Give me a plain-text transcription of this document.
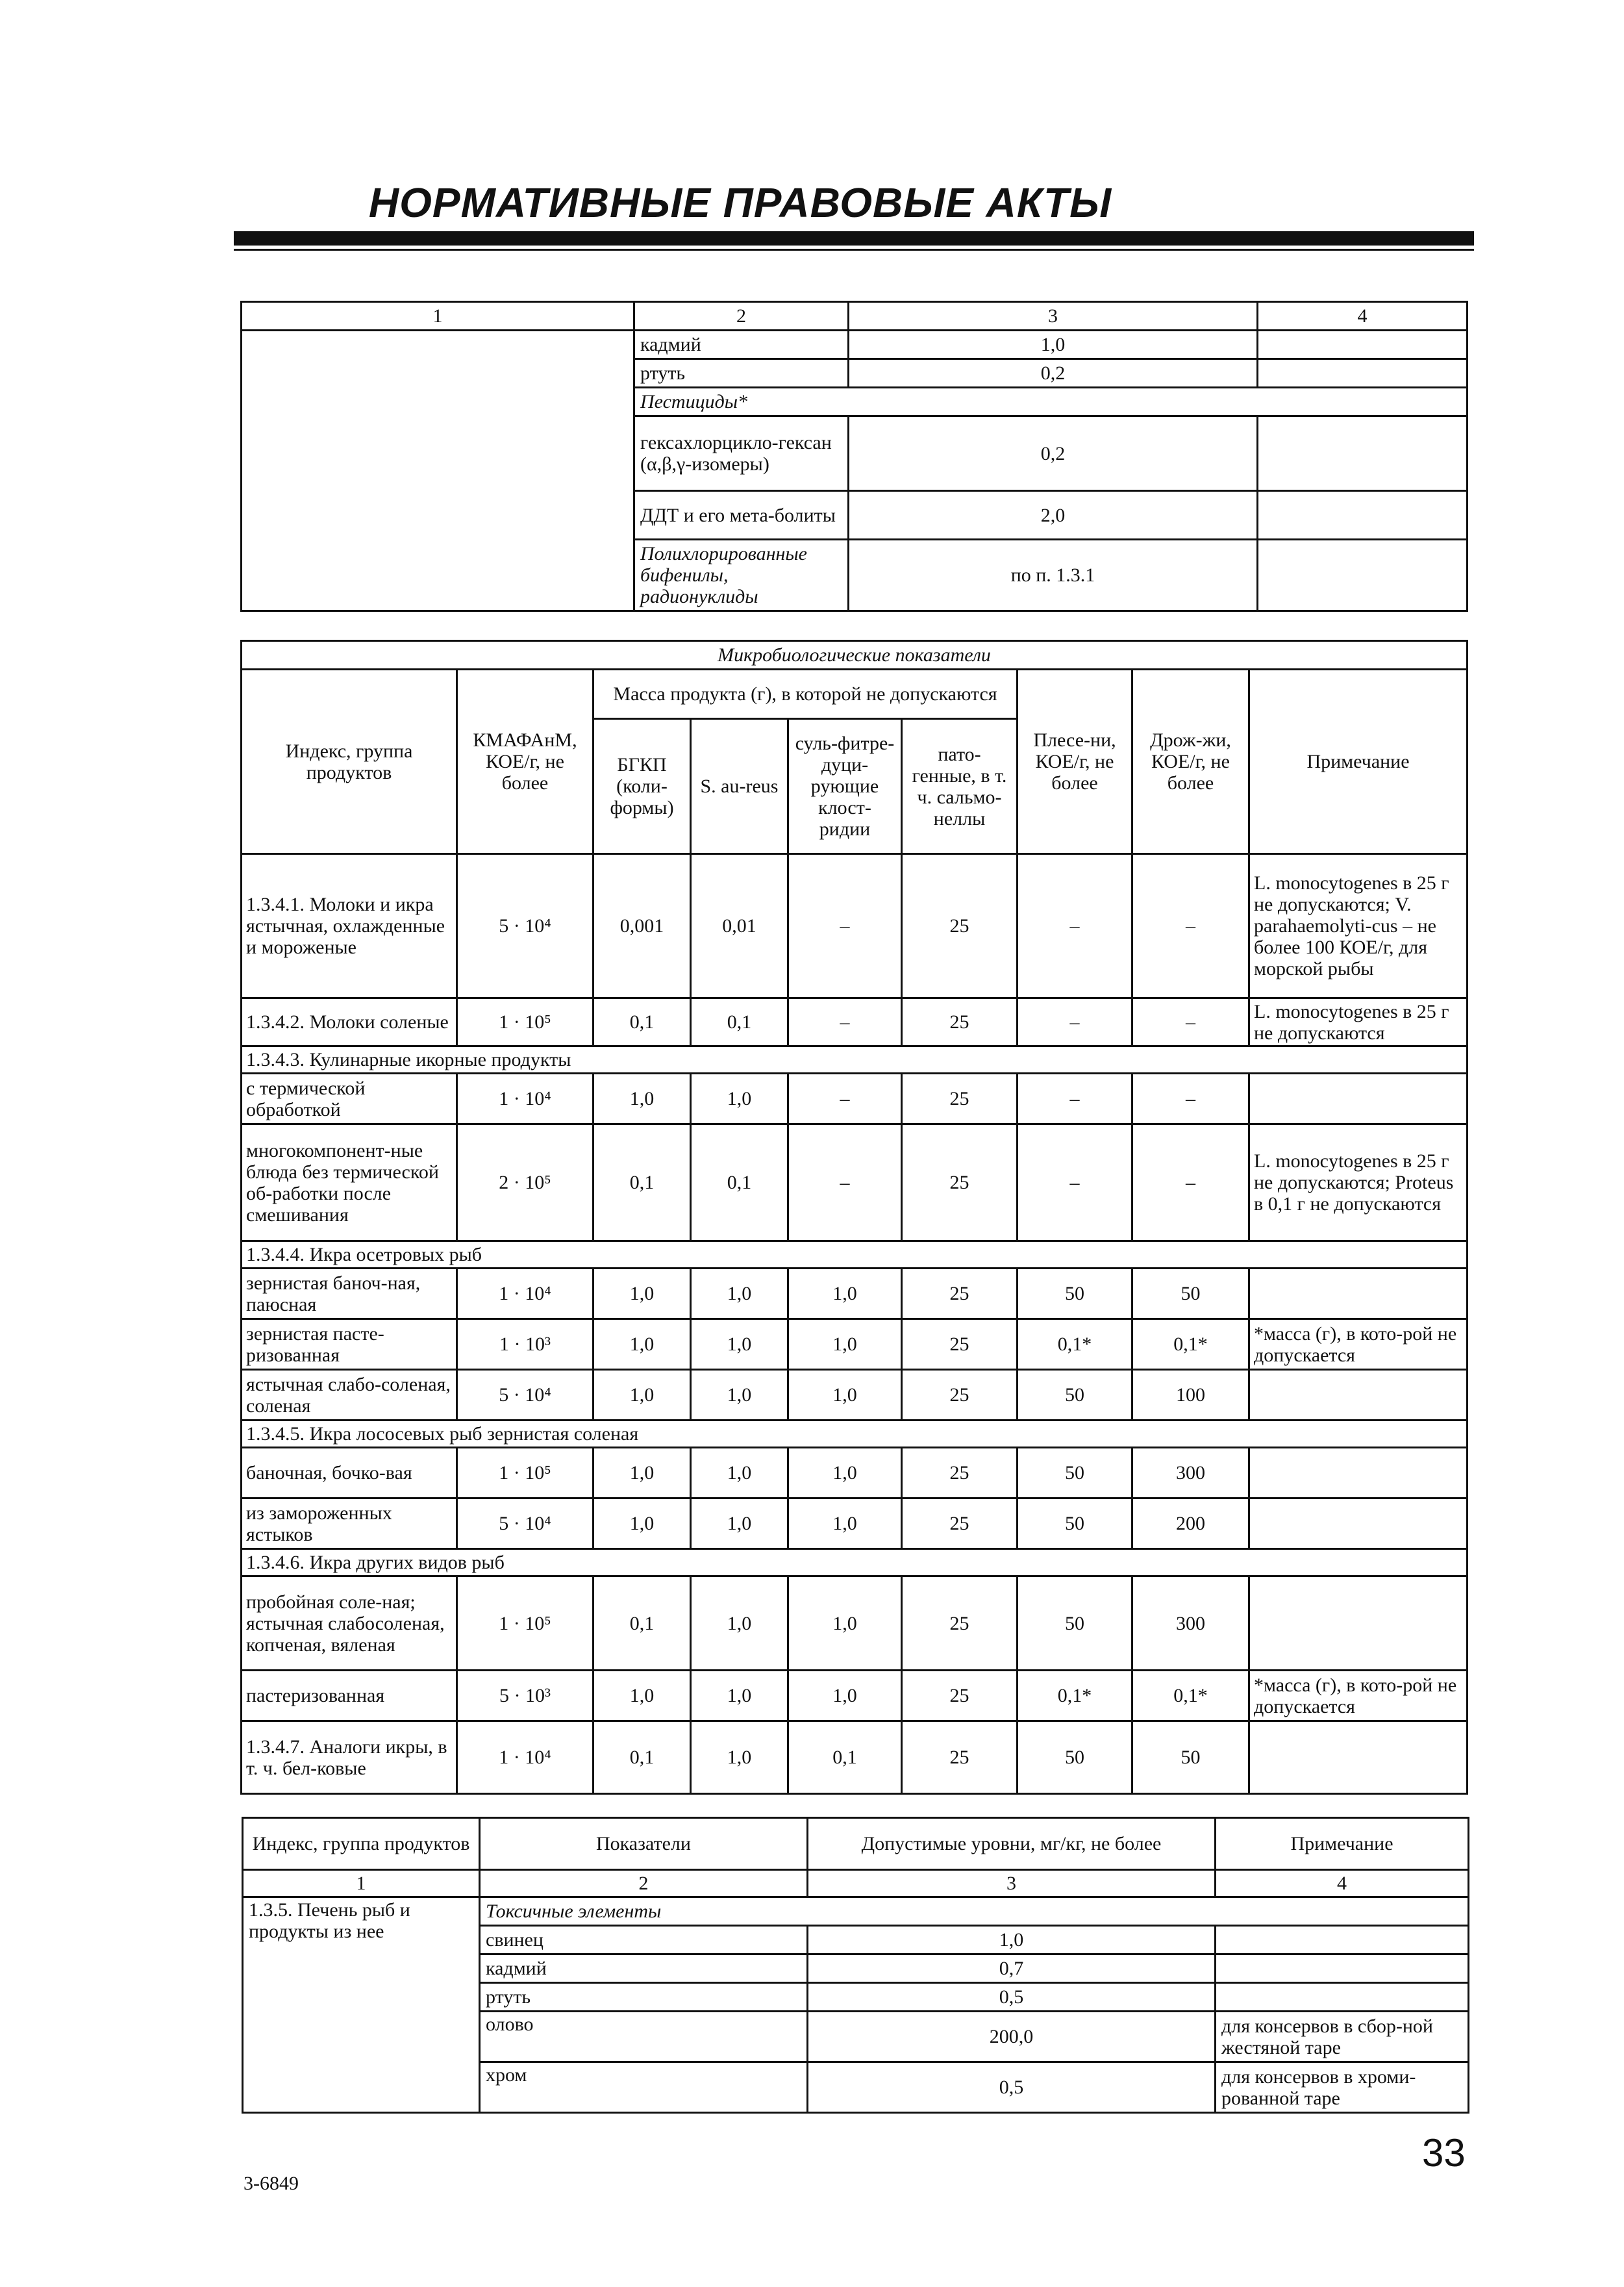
НОРМАТИВНЫЕ ПРАВОВЫЕ АКТЫ
1	2	3	4
	кадмий	1,0	
	ртуть	0,2	
	Пестициды*		
	гексахлорцикло-гексан (α,β,γ-изомеры)	0,2	
	ДДТ и его мета-болиты	2,0	
	Полихлорированные бифенилы, радионуклиды	по п. 1.3.1	
Микробиологические показатели								
Индекс, группа продуктов	КМАФАнМ, КОЕ/г, не более	Масса продукта (г), в которой не допускаются				Плесе-ни, КОЕ/г, не более	Дрож-жи, КОЕ/г, не более	Примечание
		БГКП (коли-формы)	S. au-reus	суль-фитре-дуци-рующие клост-ридии	пато-генные, в т. ч. сальмо-неллы			
1.3.4.1. Молоки и икра ястычная, охлажденные и мороженые	5 · 10⁴	0,001	0,01	–	25	–	–	L. monocytogenes в 25 г не допускаются; V. parahaemolyti-cus – не более 100 КОЕ/г, для морской рыбы
1.3.4.2. Молоки соленые	1 · 10⁵	0,1	0,1	–	25	–	–	L. monocytogenes в 25 г не допускаются
1.3.4.3. Кулинарные икорные продукты								
с термической обработкой	1 · 10⁴	1,0	1,0	–	25	–	–	
многокомпонент-ные блюда без термической об-работки после смешивания	2 · 10⁵	0,1	0,1	–	25	–	–	L. monocytogenes в 25 г не допускаются; Proteus в 0,1 г не допускаются
1.3.4.4. Икра осетровых рыб								
зернистая баноч-ная, паюсная	1 · 10⁴	1,0	1,0	1,0	25	50	50	
зернистая пасте-ризованная	1 · 10³	1,0	1,0	1,0	25	0,1*	0,1*	*масса (г), в кото-рой не допускается
ястычная слабо-соленая, соленая	5 · 10⁴	1,0	1,0	1,0	25	50	100	
1.3.4.5. Икра лососевых рыб зернистая соленая								
баночная, бочко-вая	1 · 10⁵	1,0	1,0	1,0	25	50	300	
из замороженных ястыков	5 · 10⁴	1,0	1,0	1,0	25	50	200	
1.3.4.6. Икра других видов рыб								
пробойная соле-ная; ястычная слабосоленая, копченая, вяленая	1 · 10⁵	0,1	1,0	1,0	25	50	300	
пастеризованная	5 · 10³	1,0	1,0	1,0	25	0,1*	0,1*	*масса (г), в кото-рой не допускается
1.3.4.7. Аналоги икры, в т. ч. бел-ковые	1 · 10⁴	0,1	1,0	0,1	25	50	50	
Индекс, группа продуктов	Показатели	Допустимые уровни, мг/кг, не более	Примечание
1	2	3	4
1.3.5. Печень рыб и продукты из нее	Токсичные элементы		
	свинец	1,0	
	кадмий	0,7	
	ртуть	0,5	
	олово	200,0	для консервов в сбор-ной жестяной таре
	хром	0,5	для консервов в хроми-рованной таре
33
3-6849
